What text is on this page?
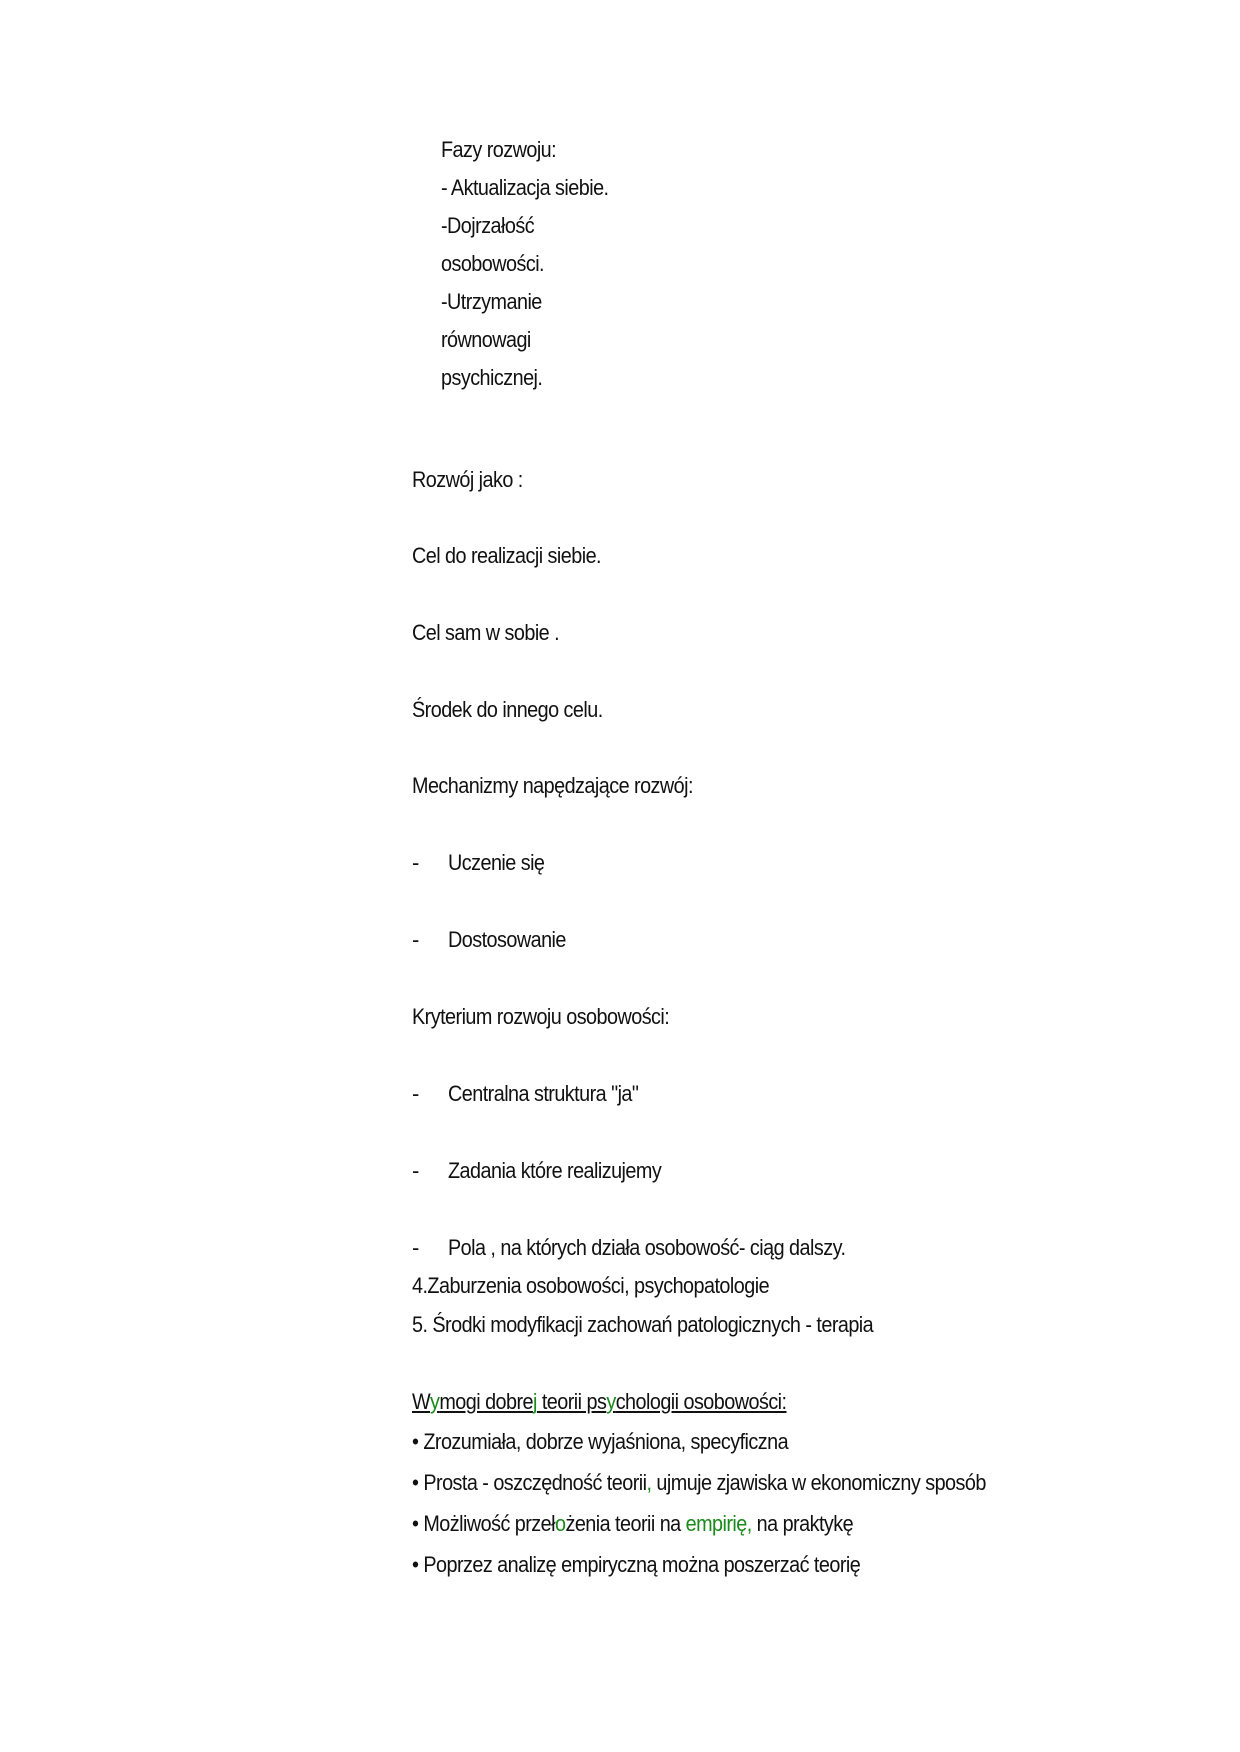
Fazy rozwoju:
- Aktualizacja siebie.
-Dojrzałość
osobowości.
-Utrzymanie
równowagi
psychicznej.
Rozwój jako :
Cel do realizacji siebie.
Cel sam w sobie .
Środek do innego celu.
Mechanizmy napędzające rozwój:
- Uczenie się
- Dostosowanie
Kryterium rozwoju osobowości:
- Centralna struktura "ja"
- Zadania które realizujemy
- Pola , na których działa osobowość- ciąg dalszy.
4.Zaburzenia osobowości, psychopatologie
5. Środki modyfikacji zachowań patologicznych - terapia
Wymogi dobrej teorii psychologii osobowości:
• Zrozumiała, dobrze wyjaśniona, specyficzna
• Prosta - oszczędność teorii, ujmuje zjawiska w ekonomiczny sposób
• Możliwość przełożenia teorii na empirię, na praktykę
• Poprzez analizę empiryczną można poszerzać teorię
